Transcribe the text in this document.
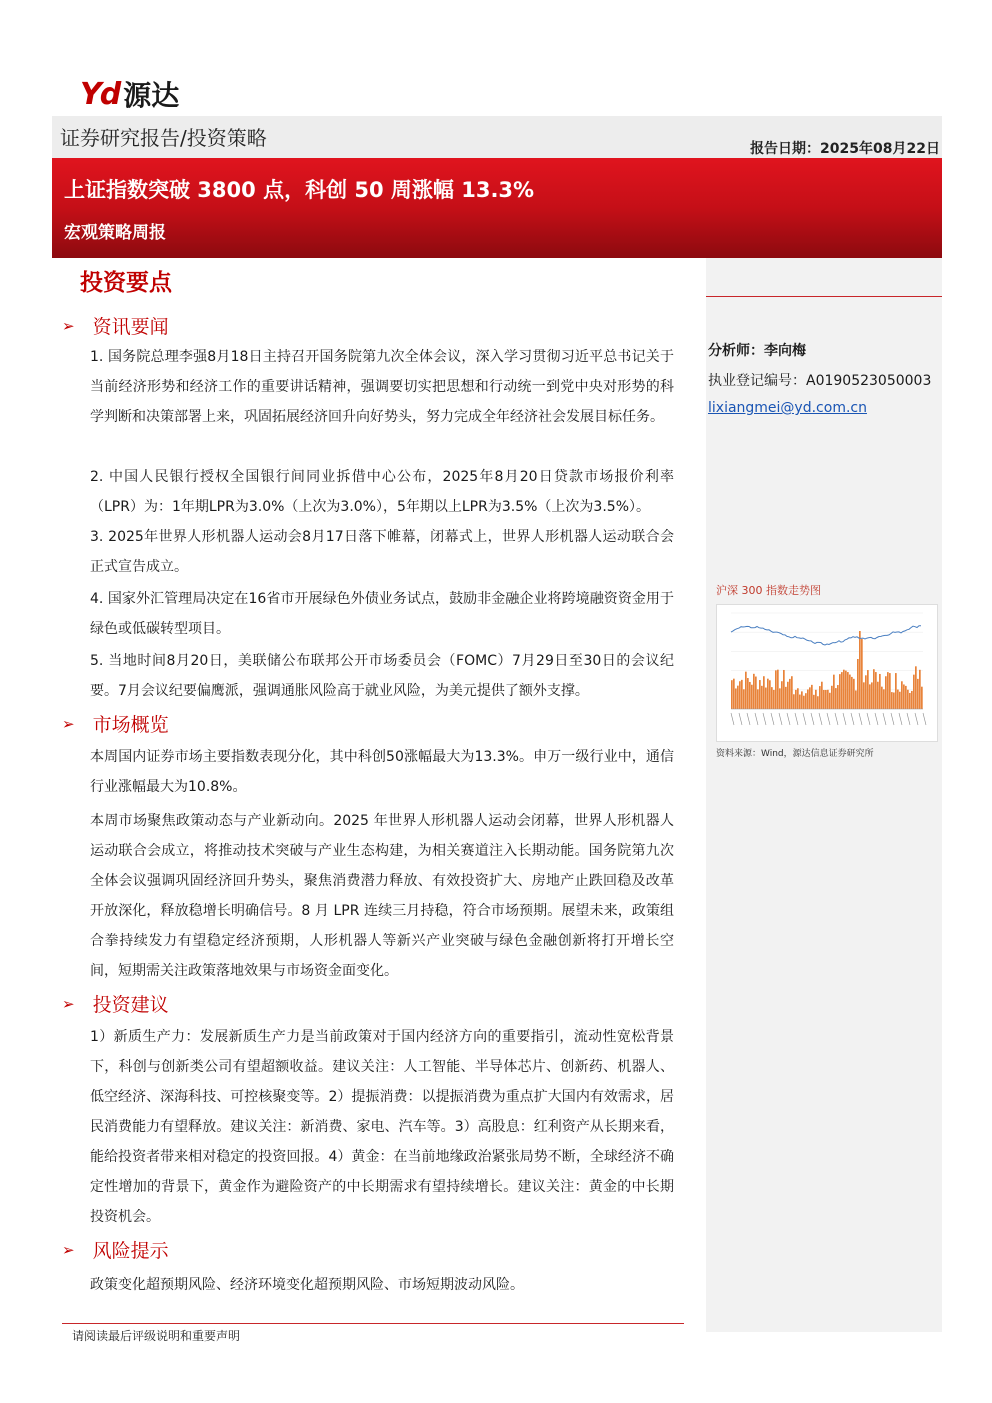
Yd 源达
证券研究报告/投资策略	报告日期：2025年08月22日
上证指数突破 3800 点，科创 50 周涨幅 13.3%
宏观策略周报
分析师：李向梅
执业登记编号：A0190523050003
lixiangmei@yd.com.cn
沪深 300 指数走势图
资料来源：Wind，源达信息证券研究所
投资要点
➢ 资讯要闻
1. 国务院总理李强8月18日主持召开国务院第九次全体会议，深入学习贯彻习近平总书记关于当前经济形势和经济工作的重要讲话精神，强调要切实把思想和行动统一到党中央对形势的科学判断和决策部署上来，巩固拓展经济回升向好势头，努力完成全年经济社会发展目标任务。
2. 中国人民银行授权全国银行间同业拆借中心公布，2025年8月20日贷款市场报价利率（LPR）为：1年期LPR为3.0%（上次为3.0%），5年期以上LPR为3.5%（上次为3.5%）。
3. 2025年世界人形机器人运动会8月17日落下帷幕，闭幕式上，世界人形机器人运动联合会正式宣告成立。
4. 国家外汇管理局决定在16省市开展绿色外债业务试点，鼓励非金融企业将跨境融资资金用于绿色或低碳转型项目。
5. 当地时间8月20日，美联储公布联邦公开市场委员会（FOMC）7月29日至30日的会议纪要。7月会议纪要偏鹰派，强调通胀风险高于就业风险，为美元提供了额外支撑。
➢ 市场概览
本周国内证券市场主要指数表现分化，其中科创50涨幅最大为13.3%。申万一级行业中，通信行业涨幅最大为10.8%。
本周市场聚焦政策动态与产业新动向。2025 年世界人形机器人运动会闭幕，世界人形机器人运动联合会成立，将推动技术突破与产业生态构建，为相关赛道注入长期动能。国务院第九次全体会议强调巩固经济回升势头，聚焦消费潜力释放、有效投资扩大、房地产止跌回稳及改革开放深化，释放稳增长明确信号。8 月 LPR 连续三月持稳，符合市场预期。展望未来，政策组合拳持续发力有望稳定经济预期，人形机器人等新兴产业突破与绿色金融创新将打开增长空间，短期需关注政策落地效果与市场资金面变化。
➢ 投资建议
1）新质生产力：发展新质生产力是当前政策对于国内经济方向的重要指引，流动性宽松背景下，科创与创新类公司有望超额收益。建议关注：人工智能、半导体芯片、创新药、机器人、低空经济、深海科技、可控核聚变等。2）提振消费：以提振消费为重点扩大国内有效需求，居民消费能力有望释放。建议关注：新消费、家电、汽车等。3）高股息：红利资产从长期来看，能给投资者带来相对稳定的投资回报。4）黄金：在当前地缘政治紧张局势不断，全球经济不确定性增加的背景下，黄金作为避险资产的中长期需求有望持续增长。建议关注：黄金的中长期投资机会。
➢ 风险提示
政策变化超预期风险、经济环境变化超预期风险、市场短期波动风险。
请阅读最后评级说明和重要声明
